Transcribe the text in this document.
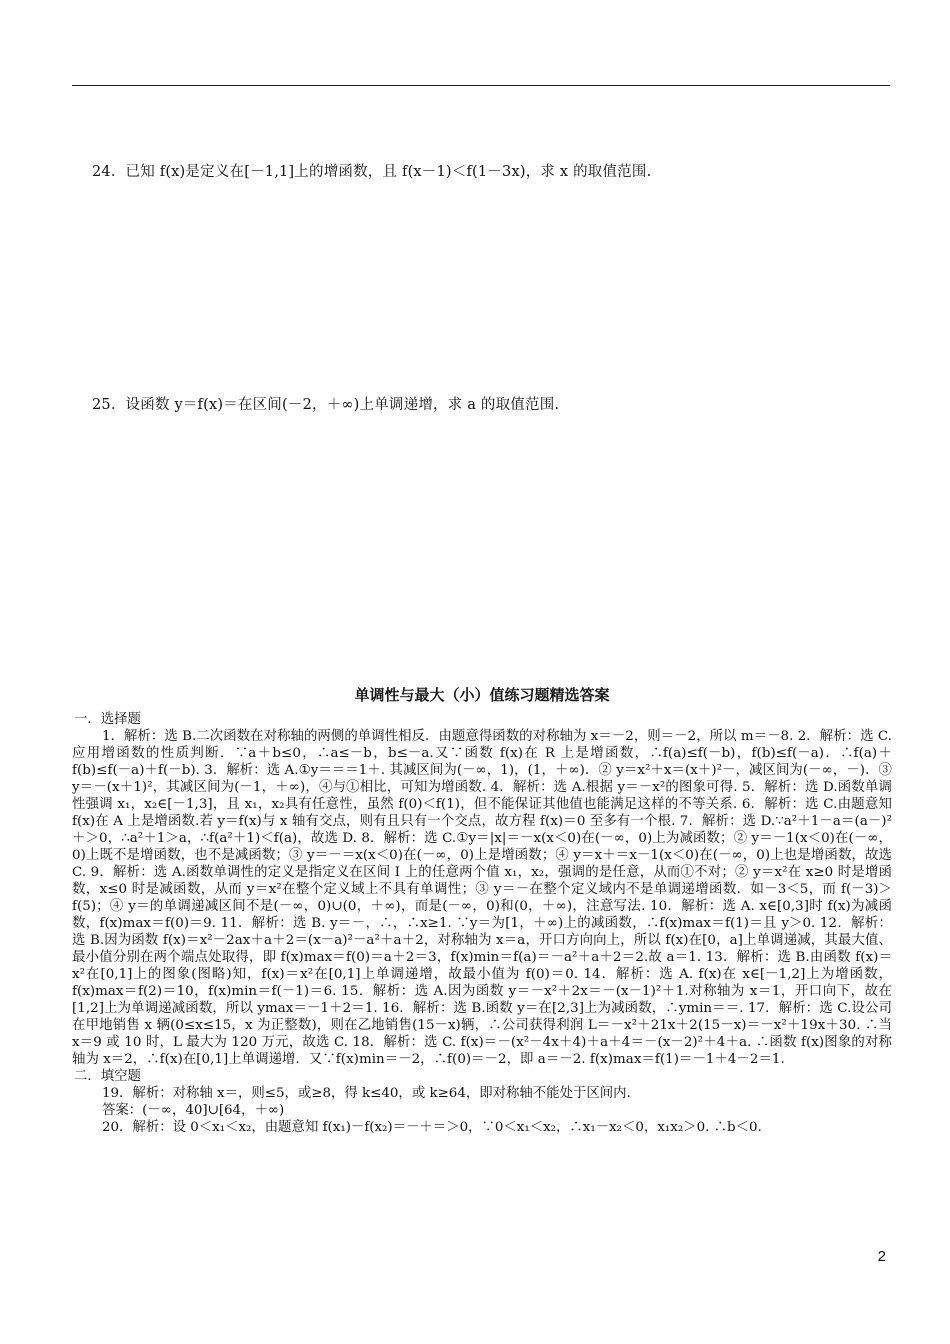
24．已知 f(x)是定义在[－1,1]上的增函数，且 f(x－1)＜f(1－3x)，求 x 的取值范围.
25．设函数 y＝f(x)＝在区间(－2，＋∞)上单调递增，求 a 的取值范围.
单调性与最大（小）值练习题精选答案
一．选择题

1．解析：选 B.二次函数在对称轴的两侧的单调性相反．由题意得函数的对称轴为 x＝－2，则＝－2，所以 m＝－8. 2．解析：选 C.应用增函数的性质判断．∵a＋b≤0，∴a≤－b，b≤－a.又∵函数 f(x)在 R 上是增函数，∴f(a)≤f(－b)，f(b)≤f(－a)．∴f(a)＋f(b)≤f(－a)＋f(－b). 3．解析：选 A.①y＝＝＝1＋. 其减区间为(－∞，1)，(1，＋∞)．② y＝x²＋x＝(x＋)²－，减区间为(－∞，－)．③ y＝－(x＋1)²，其减区间为(－1，＋∞)，④与①相比，可知为增函数. 4．解析：选 A.根据 y＝－x²的图象可得. 5．解析：选 D.函数单调性强调 x₁，x₂∈[－1,3]，且 x₁，x₂具有任意性，虽然 f(0)＜f(1)，但不能保证其他值也能满足这样的不等关系. 6．解析：选 C.由题意知 f(x)在 A 上是增函数.若 y＝f(x)与 x 轴有交点，则有且只有一个交点，故方程 f(x)＝0 至多有一个根. 7．解析：选 D.∵a²＋1－a＝(a－)²＋＞0，∴a²＋1＞a，∴f(a²＋1)＜f(a)，故选 D. 8．解析：选 C.①y＝|x|＝－x(x＜0)在(－∞，0)上为减函数；② y＝－1(x＜0)在(－∞，0)上既不是增函数，也不是减函数；③ y＝－＝x(x＜0)在(－∞，0)上是增函数；④ y＝x＋＝x－1(x＜0)在(－∞，0)上也是增函数，故选 C. 9．解析：选 A.函数单调性的定义是指定义在区间 I 上的任意两个值 x₁，x₂，强调的是任意，从而①不对；② y＝x²在 x≥0 时是增函数，x≤0 时是减函数，从而 y＝x²在整个定义域上不具有单调性；③ y＝－在整个定义域内不是单调递增函数．如－3＜5，而 f(－3)＞f(5)；④ y＝的单调递减区间不是(－∞，0)∪(0，＋∞)，而是(－∞，0)和(0，＋∞)，注意写法. 10．解析：选 A. x∈[0,3]时 f(x)为减函数，f(x)max＝f(0)＝9. 11．解析：选 B. y＝－，∴，∴x≥1. ∵y＝为[1，＋∞)上的减函数，∴f(x)max＝f(1)＝且 y＞0. 12．解析：选 B.因为函数 f(x)＝x²－2ax＋a＋2＝(x－a)²－a²＋a＋2，对称轴为 x＝a，开口方向向上，所以 f(x)在[0，a]上单调递减，其最大值、最小值分别在两个端点处取得，即 f(x)max＝f(0)＝a＋2＝3，f(x)min＝f(a)＝－a²＋a＋2＝2.故 a＝1. 13．解析：选 B.由函数 f(x)＝x²在[0,1]上的图象(图略)知，f(x)＝x²在[0,1]上单调递增，故最小值为 f(0)＝0. 14．解析：选 A. f(x)在 x∈[－1,2]上为增函数，f(x)max＝f(2)＝10，f(x)min＝f(－1)＝6. 15．解析：选 A.因为函数 y＝－x²＋2x＝－(x－1)²＋1.对称轴为 x＝1，开口向下，故在[1,2]上为单调递减函数，所以 ymax＝－1＋2＝1. 16．解析：选 B.函数 y＝在[2,3]上为减函数，∴ymin＝＝. 17．解析：选 C.设公司在甲地销售 x 辆(0≤x≤15，x 为正整数)，则在乙地销售(15－x)辆，∴公司获得利润 L＝－x²＋21x＋2(15－x)＝－x²＋19x＋30. ∴当 x＝9 或 10 时，L 最大为 120 万元，故选 C. 18．解析：选 C. f(x)＝－(x²－4x＋4)＋a＋4＝－(x－2)²＋4＋a. ∴函数 f(x)图象的对称轴为 x＝2，∴f(x)在[0,1]上单调递增．又∵f(x)min＝－2，∴f(0)＝－2，即 a＝－2. f(x)max＝f(1)＝－1＋4－2＝1.

二．填空题
19．解析：对称轴 x＝，则≤5，或≥8，得 k≤40，或 k≥64，即对称轴不能处于区间内.
答案：(－∞，40]∪[64，＋∞)
20．解析：设 0＜x₁＜x₂，由题意知 f(x₁)－f(x₂)＝－＋＝＞0，∵0＜x₁＜x₂，∴x₁－x₂＜0，x₁x₂＞0. ∴b＜0.
2
